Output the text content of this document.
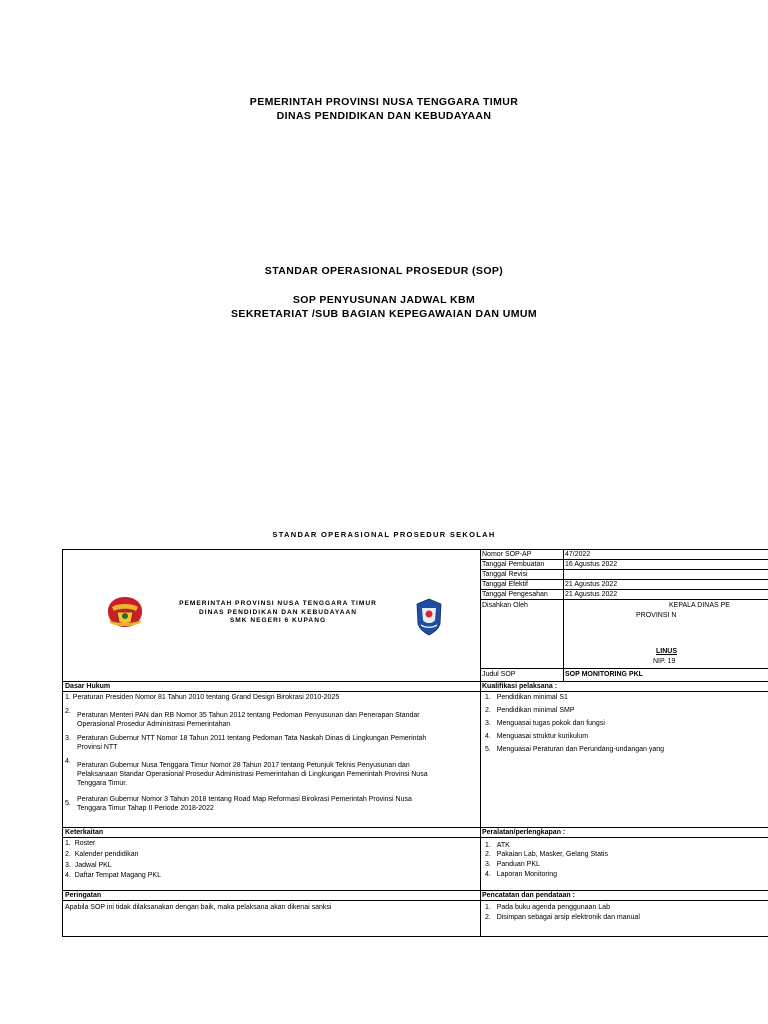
PEMERINTAH PROVINSI NUSA TENGGARA TIMUR
DINAS PENDIDIKAN DAN KEBUDAYAAN
STANDAR OPERASIONAL PROSEDUR (SOP)
SOP PENYUSUNAN JADWAL KBM
SEKRETARIAT /SUB BAGIAN KEPEGAWAIAN DAN UMUM
STANDAR OPERASIONAL PROSEDUR SEKOLAH
PEMERINTAH PROVINSI NUSA TENGGARA TIMUR
DINAS PENDIDIKAN DAN KEBUDAYAAN
SMK NEGERI 6 KUPANG
Nomor SOP-AP	47/2022
Tanggal Pembuatan	16 Agustus 2022
Tanggal Revisi
Tanggal Efektif	21 Agustus 2022
Tanggal Pengesahan 21 Agustus 2022
Disahkan Oleh	KEPALA DINAS PE
PROVINSI N
LINUS
NIP. 19
Judul SOP	SOP MONITORING PKL
Dasar Hukum
1. Peraturan Presiden Nomor 81 Tahun 2010 tentang Grand Design Birokrasi 2010-2025
2.
Peraturan Menteri PAN dan RB Nomor 35 Tahun 2012 tentang Pedoman Penyusunan dan Penerapan Standar
Operasional Prosedur Administrasi Pemerintahan
3. Peraturan Gubernur NTT Nomor 18 Tahun 2011 tentang Pedoman Tata Naskah Dinas di Lingkungan Pemerintah
Provinsi NTT
4.
Peraturan Gubernur Nusa Tenggara Timur Nomor 28 Tahun 2017 tentang Petunjuk Teknis Penyusunan dan
Pelaksanaan Standar Operasional Prosedur Administrasi Pemerintahan di Lingkungan Pemerintah Provinsi Nusa
Tenggara Timur.
5.
Peraturan Gubernur Nomor 3 Tahun 2018 tentang Road Map Reformasi Birokrasi Pemerintah Provinsi Nusa
Tenggara Timur Tahap II Periode 2018-2022
Kualifikasi pelaksana :
1. Pendidikan minimal S1
2. Pendidikan minimal SMP
3. Menguasai tugas pokok dan fungsi
4. Menguasai struktur kurikulum
5. Menguasai Peraturan dan Perundang-undangan yang
Keterkaitan
1. Roster
2. Kalender pendidikan
3. Jadwal PKL
4. Daftar Tempat Magang PKL
Peralatan/perlengkapan :
1. ATK
2. Pakaian Lab, Masker, Gelang Statis
3. Panduan PKL
4. Laporan Monitoring
Peringatan
Apabila SOP ini tidak dilaksanakan dengan baik, maka pelaksana akan dikenai sanksi
Pencatatan dan pendataan :
1. Pada buku agenda penggunaan Lab
2. Disimpan sebagai arsip elektronik dan manual
